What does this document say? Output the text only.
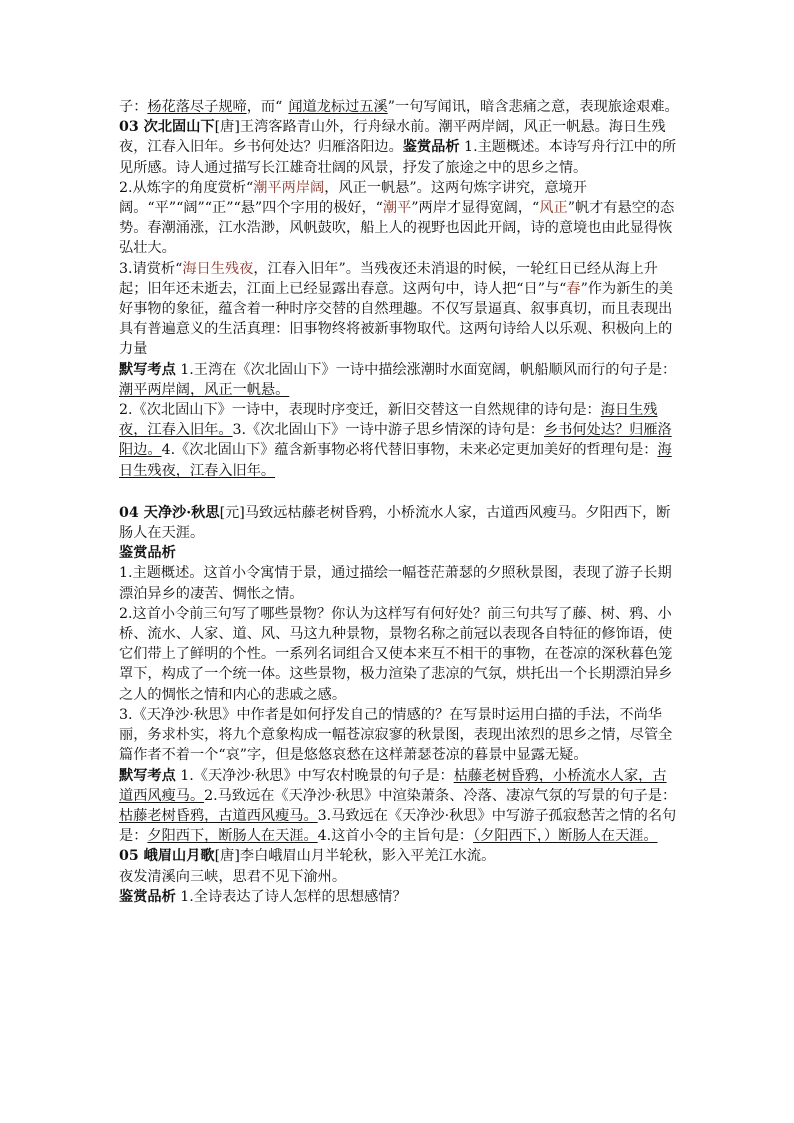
子：杨花落尽子规啼，而“ 闻道龙标过五溪”一句写闻讯，暗含悲痛之意，表现旅途艰难。

03 次北固山下[唐]王湾客路青山外，行舟绿水前。潮平两岸阔，风正一帆悬。海日生残夜，江春入旧年。乡书何处达？归雁洛阳边。鉴赏品析 1.主题概述。本诗写舟行江中的所见所感。诗人通过描写长江雄奇壮阔的风景，抒发了旅途之中的思乡之情。

2.从炼字的角度赏析“潮平两岸阔，风正一帆悬”。这两句炼字讲究，意境开阔。“平”“阔”“正”“悬”四个字用的极好，“潮平”两岸才显得宽阔，“风正”帆才有悬空的态势。春潮涌涨，江水浩渺，风帆鼓吹，船上人的视野也因此开阔，诗的意境也由此显得恢弘壮大。

3.请赏析“海日生残夜，江春入旧年”。当残夜还未消退的时候，一轮红日已经从海上升起；旧年还未逝去，江面上已经显露出春意。这两句中，诗人把“日”与“春”作为新生的美好事物的象征，蕴含着一种时序交替的自然理趣。不仅写景逼真、叙事真切，而且表现出具有普遍意义的生活真理：旧事物终将被新事物取代。这两句诗给人以乐观、积极向上的力量

默写考点 1.王湾在《次北固山下》一诗中描绘涨潮时水面宽阔，帆船顺风而行的句子是：潮平两岸阔，风正一帆悬。

2.《次北固山下》一诗中，表现时序变迁，新旧交替这一自然规律的诗句是：海日生残夜，江春入旧年。3.《次北固山下》一诗中游子思乡情深的诗句是：乡书何处达？归雁洛阳边。4.《次北固山下》蕴含新事物必将代替旧事物，未来必定更加美好的哲理句是：海日生残夜，江春入旧年。

04 天净沙·秋思[元]马致远枯藤老树昏鸦，小桥流水人家，古道西风瘦马。夕阳西下，断肠人在天涯。

鉴赏品析

1.主题概述。这首小令寓情于景，通过描绘一幅苍茫萧瑟的夕照秋景图，表现了游子长期漂泊异乡的凄苦、惆怅之情。

2.这首小令前三句写了哪些景物？你认为这样写有何好处？前三句共写了藤、树、鸦、小桥、流水、人家、道、风、马这九种景物，景物名称之前冠以表现各自特征的修饰语，使它们带上了鲜明的个性。一系列名词组合又使本来互不相干的事物，在苍凉的深秋暮色笼罩下，构成了一个统一体。这些景物，极力渲染了悲凉的气氛，烘托出一个长期漂泊异乡之人的惆怅之情和内心的悲戚之感。

3.《天净沙·秋思》中作者是如何抒发自己的情感的？在写景时运用白描的手法，不尚华丽，务求朴实，将九个意象构成一幅苍凉寂寥的秋景图，表现出浓烈的思乡之情，尽管全篇作者不着一个“哀”字，但是悠悠哀愁在这样萧瑟苍凉的暮景中显露无疑。

默写考点 1.《天净沙·秋思》中写农村晚景的句子是：枯藤老树昏鸦，小桥流水人家，古道西风瘦马。2.马致远在《天净沙·秋思》中渲染萧条、冷落、凄凉气氛的写景的句子是：枯藤老树昏鸦，古道西风瘦马。3.马致远在《天净沙·秋思》中写游子孤寂愁苦之情的名句是：夕阳西下，断肠人在天涯。4.这首小令的主旨句是：（夕阳西下，）断肠人在天涯。

05 峨眉山月歌[唐]李白峨眉山月半轮秋，影入平羌江水流。

夜发清溪向三峡，思君不见下渝州。

鉴赏品析 1.全诗表达了诗人怎样的思想感情？
